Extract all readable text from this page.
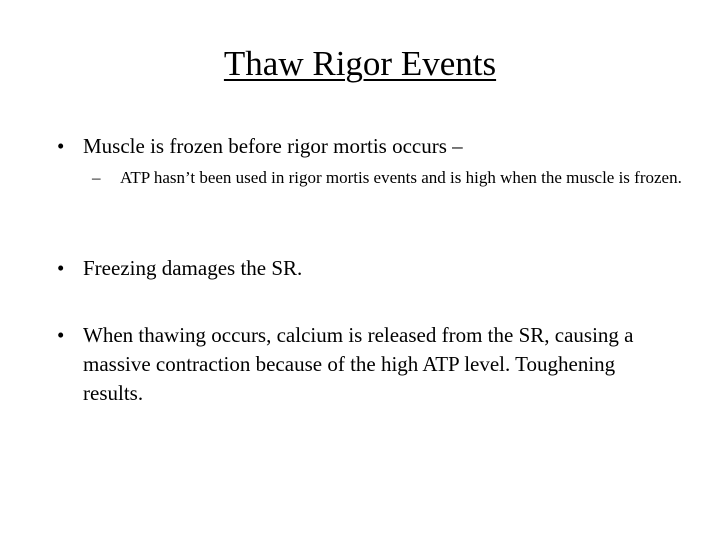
Thaw Rigor Events
• Muscle is frozen before rigor mortis occurs –
–	ATP hasn’t been used in rigor mortis events and is high when the muscle is frozen.
• Freezing damages the SR.
• When thawing occurs, calcium is released from the SR, causing a massive contraction because of the high ATP level. Toughening results.
